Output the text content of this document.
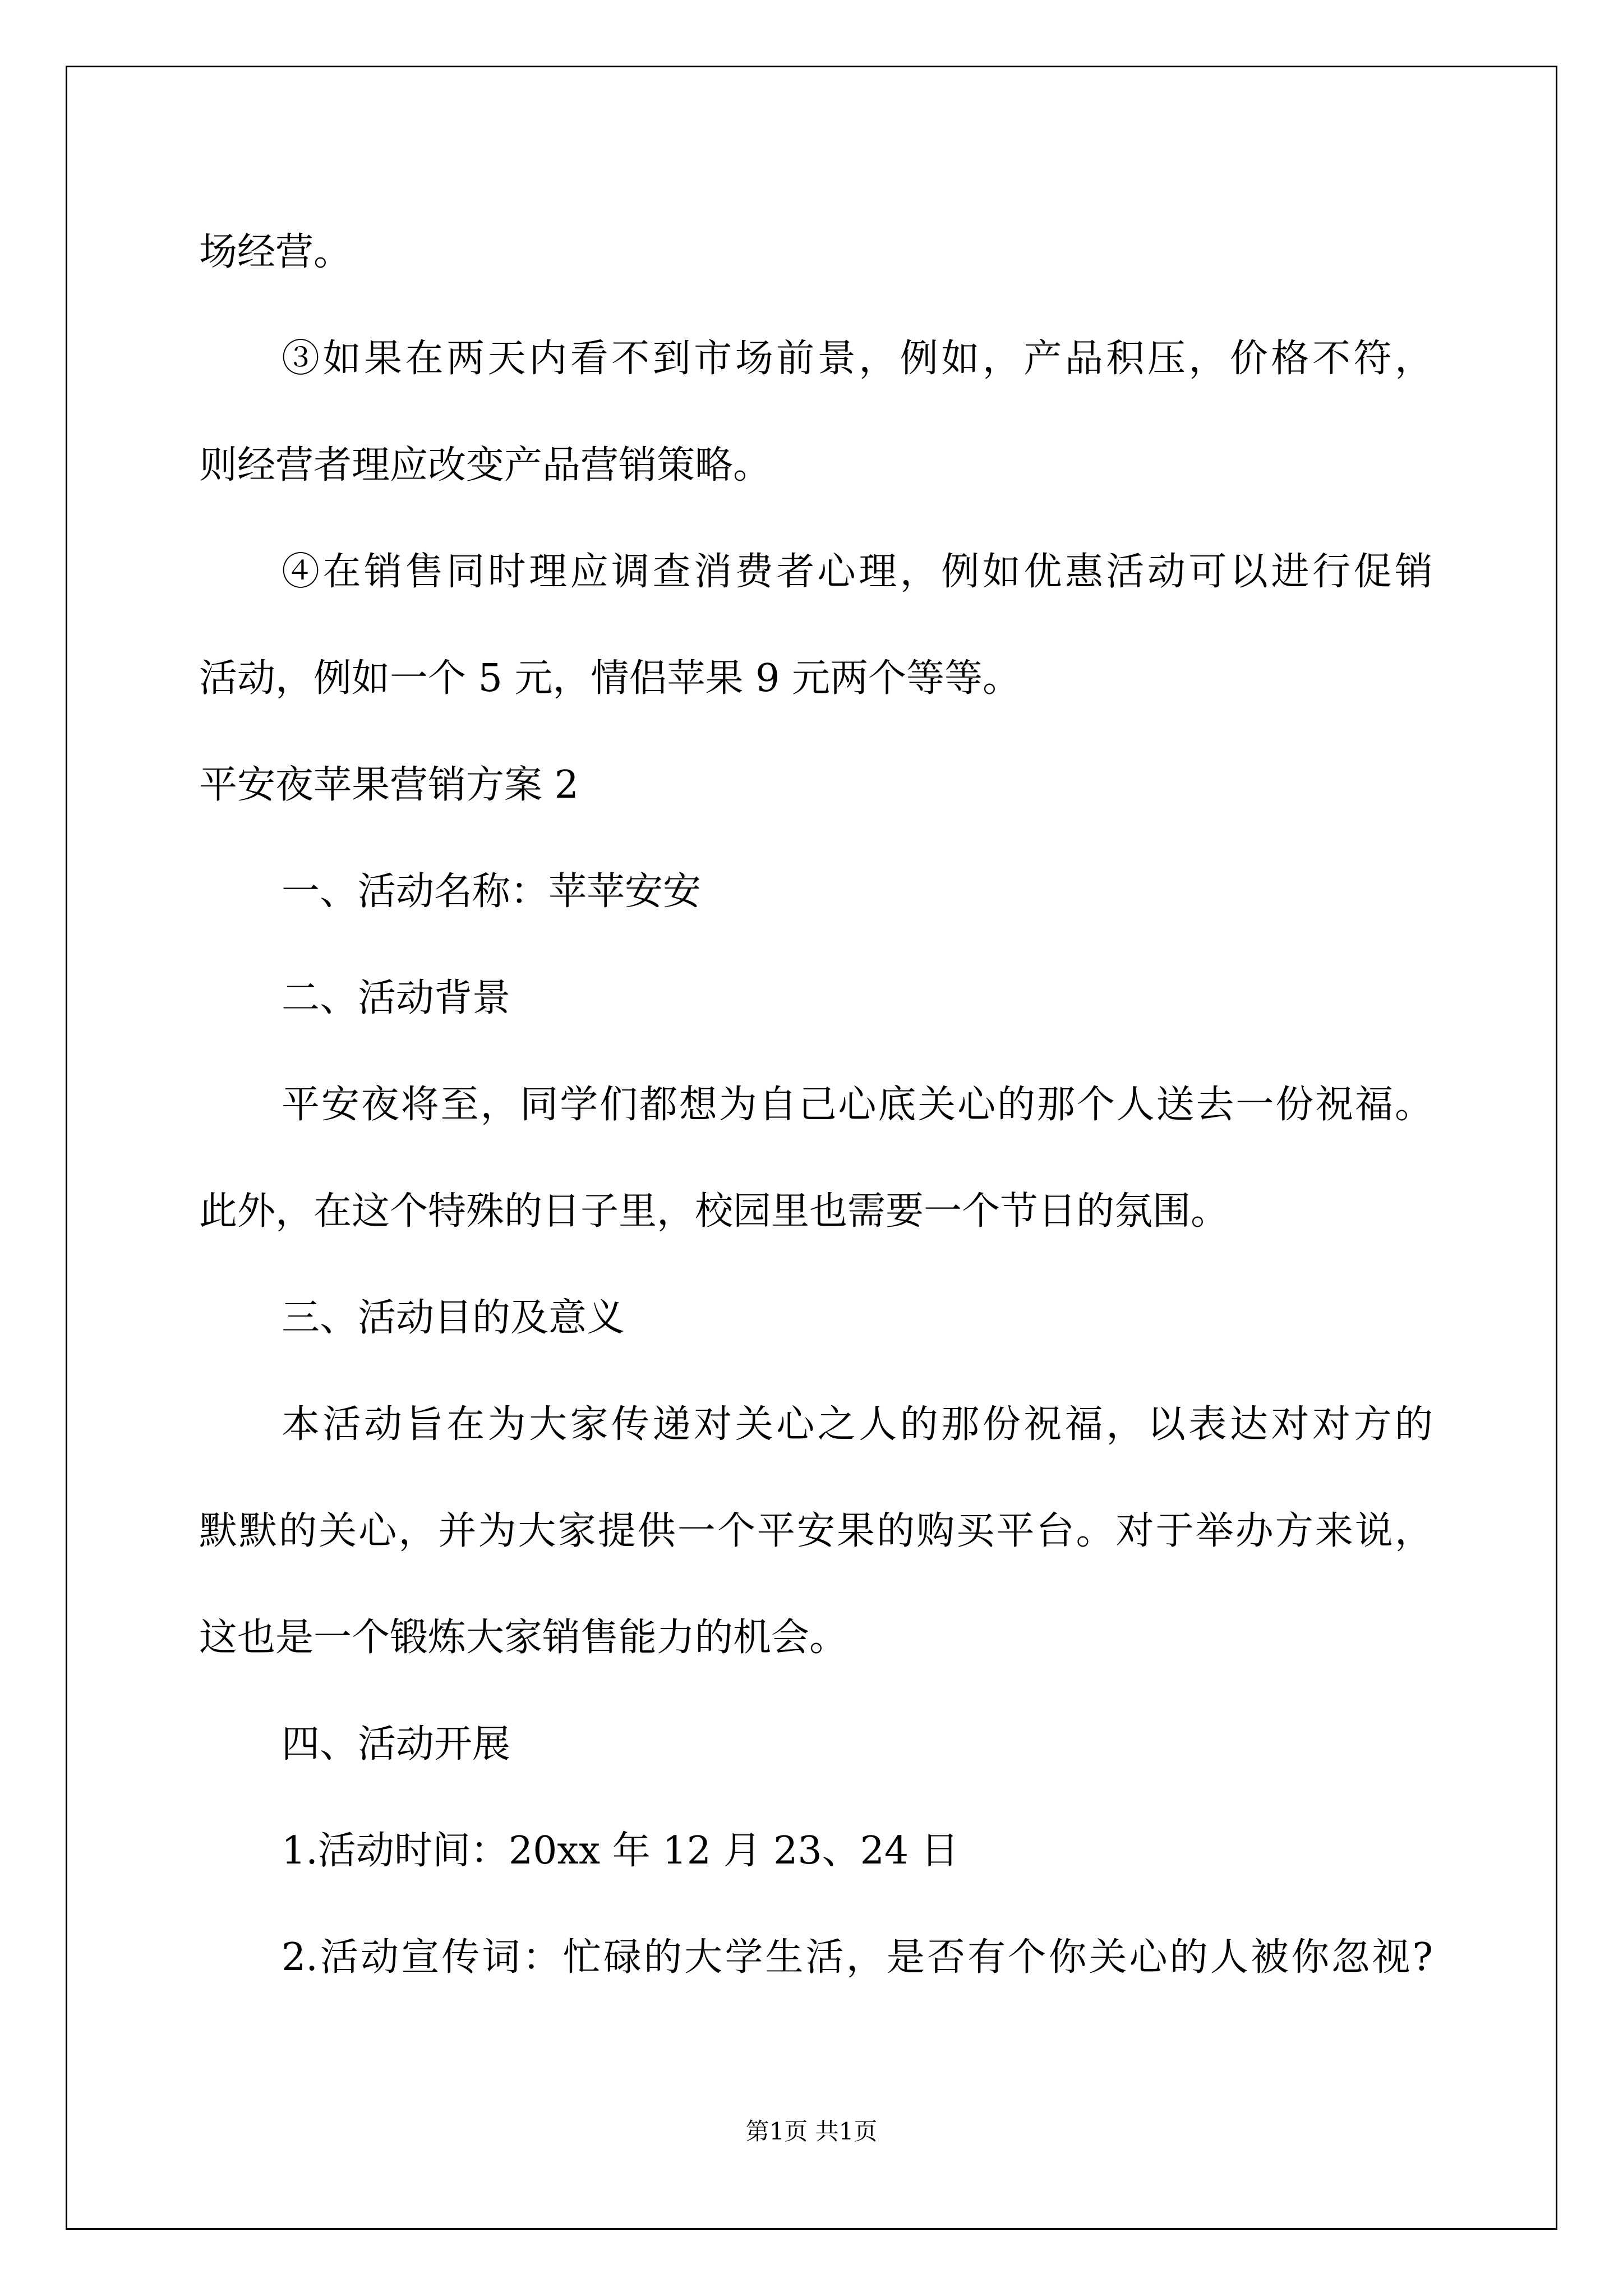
场经营。
③如果在两天内看不到市场前景，例如，产品积压，价格不符，
则经营者理应改变产品营销策略。
④在销售同时理应调查消费者心理，例如优惠活动可以进行促销
活动，例如一个 5 元，情侣苹果 9 元两个等等。
平安夜苹果营销方案 2
一、活动名称：苹苹安安
二、活动背景
平安夜将至，同学们都想为自己心底关心的那个人送去一份祝福。
此外，在这个特殊的日子里，校园里也需要一个节日的氛围。
三、活动目的及意义
本活动旨在为大家传递对关心之人的那份祝福，以表达对对方的
默默的关心，并为大家提供一个平安果的购买平台。对于举办方来说，
这也是一个锻炼大家销售能力的机会。
四、活动开展
1.活动时间：20xx 年 12 月 23、24 日
2.活动宣传词：忙碌的大学生活，是否有个你关心的人被你忽视?
第1页 共1页
